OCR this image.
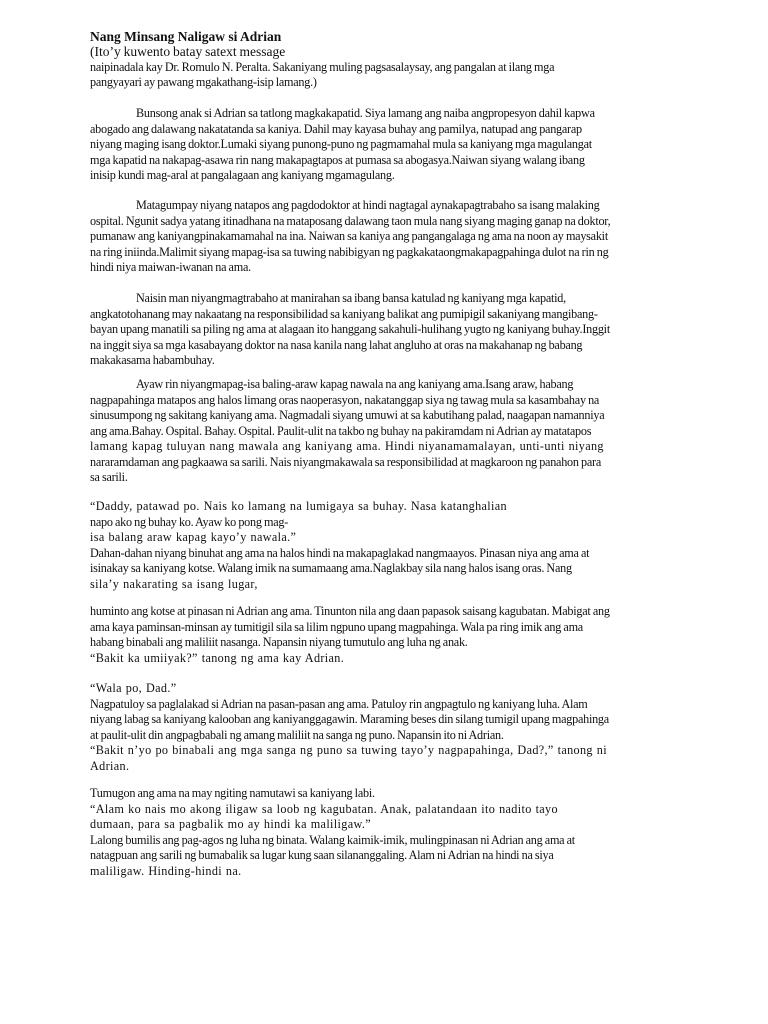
Nang Minsang Naligaw si Adrian
(Ito’y kuwento batay satext message
naipinadala kay Dr. Romulo N. Peralta. Sakaniyang muling pagsasalaysay, ang pangalan at ilang mga
pangyayari ay pawang mgakathang-isip lamang.)
Bunsong anak si Adrian sa tatlong magkakapatid. Siya lamang ang naiba angpropesyon dahil kapwa
abogado ang dalawang nakatatanda sa kaniya. Dahil may kayasa buhay ang pamilya, natupad ang pangarap
niyang maging isang doktor.Lumaki siyang punong-puno ng pagmamahal mula sa kaniyang mga magulangat
mga kapatid na nakapag-asawa rin nang makapagtapos at pumasa sa abogasya.Naiwan siyang walang ibang
inisip kundi mag-aral at pangalagaan ang kaniyang mgamagulang.
Matagumpay niyang natapos ang pagdodoktor at hindi nagtagal aynakapagtrabaho sa isang malaking
ospital. Ngunit sadya yatang itinadhana na mataposang dalawang taon mula nang siyang maging ganap na doktor,
pumanaw ang kaniyangpinakamamahal na ina. Naiwan sa kaniya ang pangangalaga ng ama na noon ay maysakit
na ring iniinda.Malimit siyang mapag-isa sa tuwing nabibigyan ng pagkakataongmakapagpahinga dulot na rin ng
hindi niya maiwan-iwanan na ama.
Naisin man niyangmagtrabaho at manirahan sa ibang bansa katulad ng kaniyang mga kapatid,
angkatotohanang may nakaatang na responsibilidad sa kaniyang balikat ang pumipigil sakaniyang mangibang-
bayan upang manatili sa piling ng ama at alagaan ito hanggang sakahuli-hulihang yugto ng kaniyang buhay.Inggit
na inggit siya sa mga kasabayang doktor na nasa kanila nang lahat angluho at oras na makahanap ng babang
makakasama habambuhay.
Ayaw rin niyangmapag-isa baling-araw kapag nawala na ang kaniyang ama.Isang araw, habang
nagpapahinga matapos ang halos limang oras naoperasyon, nakatanggap siya ng tawag mula sa kasambahay na
sinusumpong ng sakitang kaniyang ama. Nagmadali siyang umuwi at sa kabutihang palad, naagapan namanniya
ang ama.Bahay. Ospital. Bahay. Ospital. Paulit-ulit na takbo ng buhay na pakiramdam ni Adrian ay matatapos
lamang kapag tuluyan nang mawala ang kaniyang ama. Hindi niyanamamalayan, unti-unti niyang
nararamdaman ang pagkaawa sa sarili. Nais niyangmakawala sa responsibilidad at magkaroon ng panahon para
sa sarili.
“Daddy, patawad po. Nais ko lamang na lumigaya sa buhay. Nasa katanghalian
napo ako ng buhay ko. Ayaw ko pong mag-
isa balang araw kapag kayo’y nawala.”
Dahan-dahan niyang binuhat ang ama na halos hindi na makapaglakad nangmaayos. Pinasan niya ang ama at
isinakay sa kaniyang kotse. Walang imik na sumamaang ama.Naglakbay sila nang halos isang oras. Nang
sila’y nakarating sa isang lugar,
huminto ang kotse at pinasan ni Adrian ang ama. Tinunton nila ang daan papasok saisang kagubatan. Mabigat ang
ama kaya paminsan-minsan ay tumitigil sila sa lilim ngpuno upang magpahinga. Wala pa ring imik ang ama
habang binabali ang maliliit nasanga. Napansin niyang tumutulo ang luha ng anak.
“Bakit ka umiiyak?” tanong ng ama kay Adrian.
“Wala po, Dad.”
Nagpatuloy sa paglalakad si Adrian na pasan-pasan ang ama. Patuloy rin angpagtulo ng kaniyang luha. Alam
niyang labag sa kaniyang kalooban ang kaniyanggagawin. Maraming beses din silang tumigil upang magpahinga
at paulit-ulit din angpagbabali ng amang maliliit na sanga ng puno. Napansin ito ni Adrian.
“Bakit n’yo po binabali ang mga sanga ng puno sa tuwing tayo’y nagpapahinga, Dad?,” tanong ni
Adrian.
Tumugon ang ama na may ngiting namutawi sa kaniyang labi.
“Alam ko nais mo akong iligaw sa loob ng kagubatan. Anak, palatandaan ito nadito tayo
dumaan, para sa pagbalik mo ay hindi ka maliligaw.”
Lalong bumilis ang pag-agos ng luha ng binata. Walang kaimik-imik, mulingpinasan ni Adrian ang ama at
natagpuan ang sarili ng bumabalik sa lugar kung saan silananggaling. Alam ni Adrian na hindi na siya
maliligaw. Hinding-hindi na.
